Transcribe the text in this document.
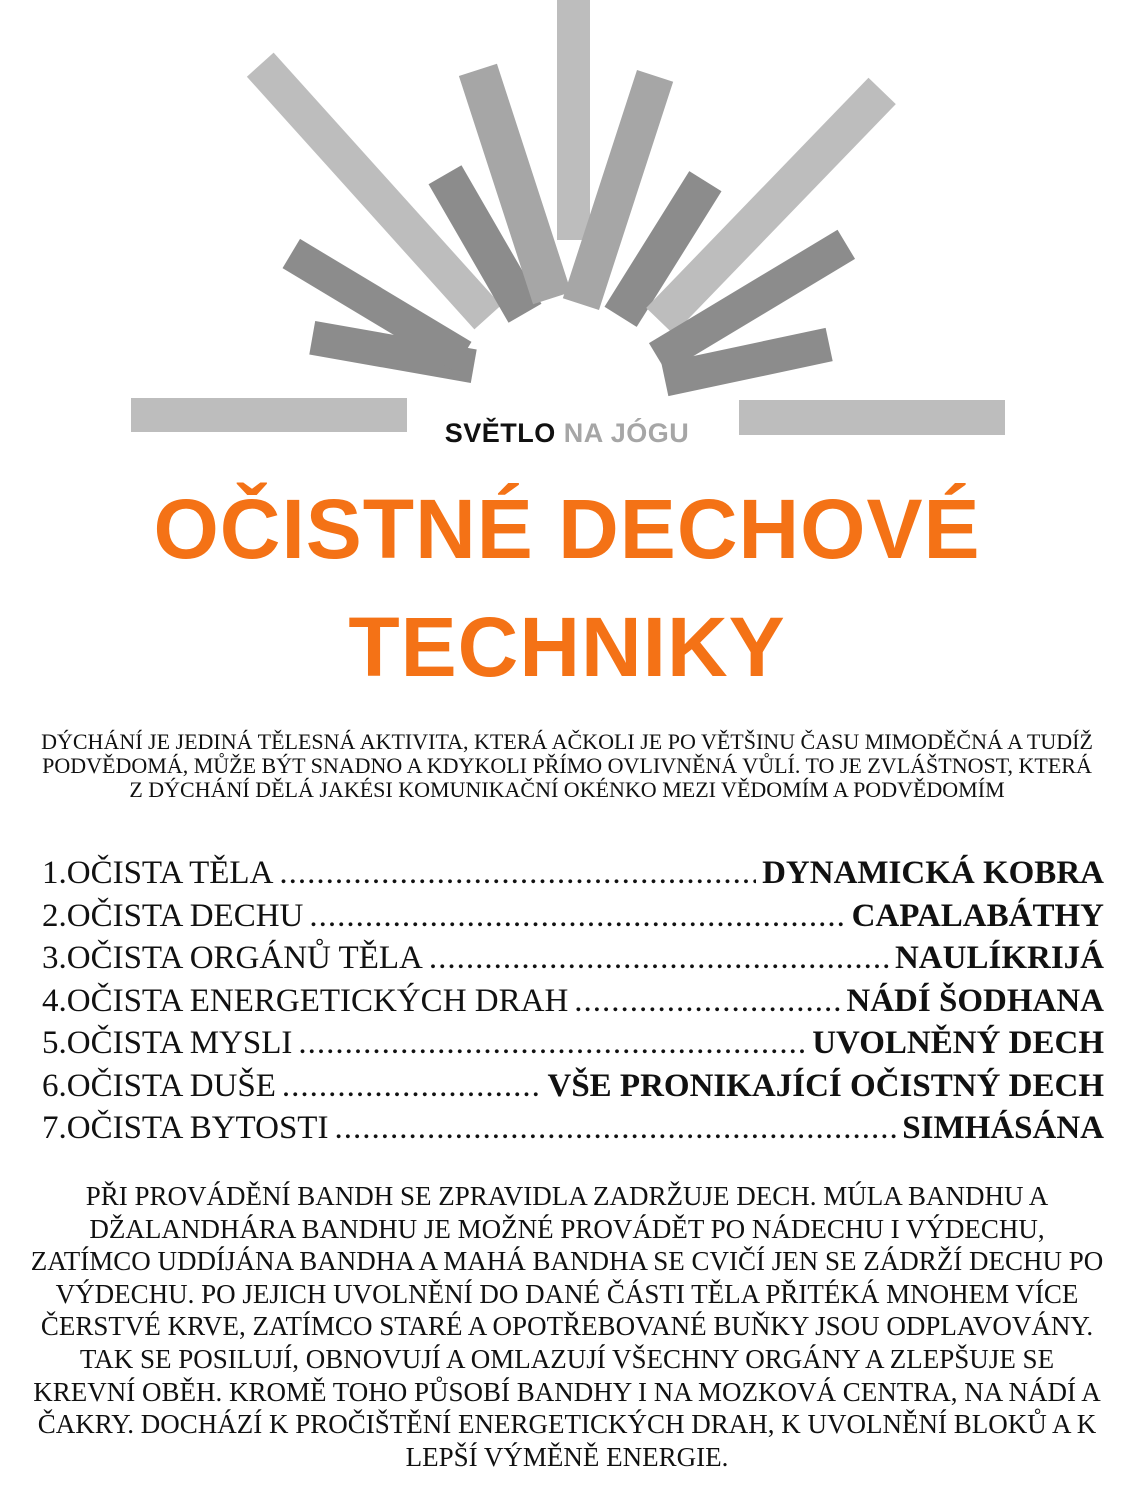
SVĚTLO NA JÓGU
OČISTNÉ DECHOVÉ
TECHNIKY
DÝCHÁNÍ JE JEDINÁ TĚLESNÁ AKTIVITA, KTERÁ AČKOLI JE PO VĚTŠINU ČASU MIMODĚČNÁ A TUDÍŽ PODVĚDOMÁ, MŮŽE BÝT SNADNO A KDYKOLI PŘÍMO OVLIVNĚNÁ VŮLÍ. TO JE ZVLÁŠTNOST, KTERÁ Z DÝCHÁNÍ DĚLÁ JAKÉSI KOMUNIKAČNÍ OKÉNKO MEZI VĚDOMÍM A PODVĚDOMÍM
1.OČISTA TĚLA .....	DYNAMICKÁ KOBRA
2.OČISTA DECHU .....	CAPALABÁTHY
3.OČISTA ORGÁNŮ TĚLA .....	NAULÍKRIJÁ
4.OČISTA ENERGETICKÝCH DRAH .....	NÁDÍ ŠODHANA
5.OČISTA MYSLI .....	UVOLNĚNÝ DECH
6.OČISTA DUŠE .....	VŠE PRONIKAJÍCÍ OČISTNÝ DECH
7.OČISTA BYTOSTI .....	SIMHÁSÁNA
PŘI PROVÁDĚNÍ BANDH SE ZPRAVIDLA ZADRŽUJE DECH. MÚLA BANDHU A DŽALANDHÁRA BANDHU JE MOŽNÉ PROVÁDĚT PO NÁDECHU I VÝDECHU, ZATÍMCO UDDÍJÁNA BANDHA A MAHÁ BANDHA SE CVIČÍ JEN SE ZÁDRŽÍ DECHU PO VÝDECHU. PO JEJICH UVOLNĚNÍ DO DANÉ ČÁSTI TĚLA PŘITÉKÁ MNOHEM VÍCE ČERSTVÉ KRVE, ZATÍMCO STARÉ A OPOTŘEBOVANÉ BUŇKY JSOU ODPLAVOVÁNY. TAK SE POSILUJÍ, OBNOVUJÍ A OMLAZUJÍ VŠECHNY ORGÁNY A ZLEPŠUJE SE KREVNÍ OBĚH. KROMĚ TOHO PŮSOBÍ BANDHY I NA MOZKOVÁ CENTRA, NA NÁDÍ A ČAKRY. DOCHÁZÍ K PROČIŠTĚNÍ ENERGETICKÝCH DRAH, K UVOLNĚNÍ BLOKŮ A K LEPŠÍ VÝMĚNĚ ENERGIE.
